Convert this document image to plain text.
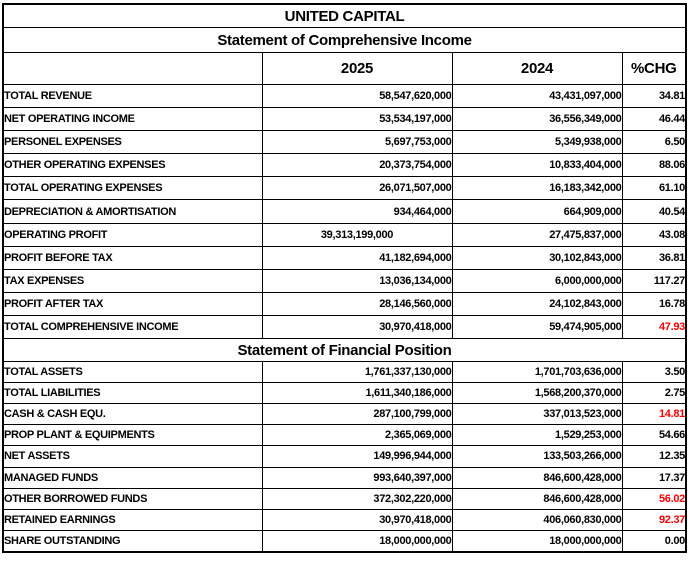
UNITED CAPITAL			
Statement of Comprehensive Income			
	2025	2024	%CHG
TOTAL REVENUE	58,547,620,000	43,431,097,000	34.81
NET OPERATING INCOME	53,534,197,000	36,556,349,000	46.44
PERSONEL EXPENSES	5,697,753,000	5,349,938,000	6.50
OTHER OPERATING EXPENSES	20,373,754,000	10,833,404,000	88.06
TOTAL OPERATING EXPENSES	26,071,507,000	16,183,342,000	61.10
DEPRECIATION & AMORTISATION	934,464,000	664,909,000	40.54
OPERATING PROFIT	39,313,199,000	27,475,837,000	43.08
PROFIT BEFORE TAX	41,182,694,000	30,102,843,000	36.81
TAX EXPENSES	13,036,134,000	6,000,000,000	117.27
PROFIT AFTER TAX	28,146,560,000	24,102,843,000	16.78
TOTAL COMPREHENSIVE INCOME	30,970,418,000	59,474,905,000	47.93
Statement of Financial Position			
TOTAL ASSETS	1,761,337,130,000	1,701,703,636,000	3.50
TOTAL LIABILITIES	1,611,340,186,000	1,568,200,370,000	2.75
CASH & CASH EQU.	287,100,799,000	337,013,523,000	14.81
PROP PLANT & EQUIPMENTS	2,365,069,000	1,529,253,000	54.66
NET ASSETS	149,996,944,000	133,503,266,000	12.35
MANAGED FUNDS	993,640,397,000	846,600,428,000	17.37
OTHER BORROWED FUNDS	372,302,220,000	846,600,428,000	56.02
RETAINED EARNINGS	30,970,418,000	406,060,830,000	92.37
SHARE OUTSTANDING	18,000,000,000	18,000,000,000	0.00
